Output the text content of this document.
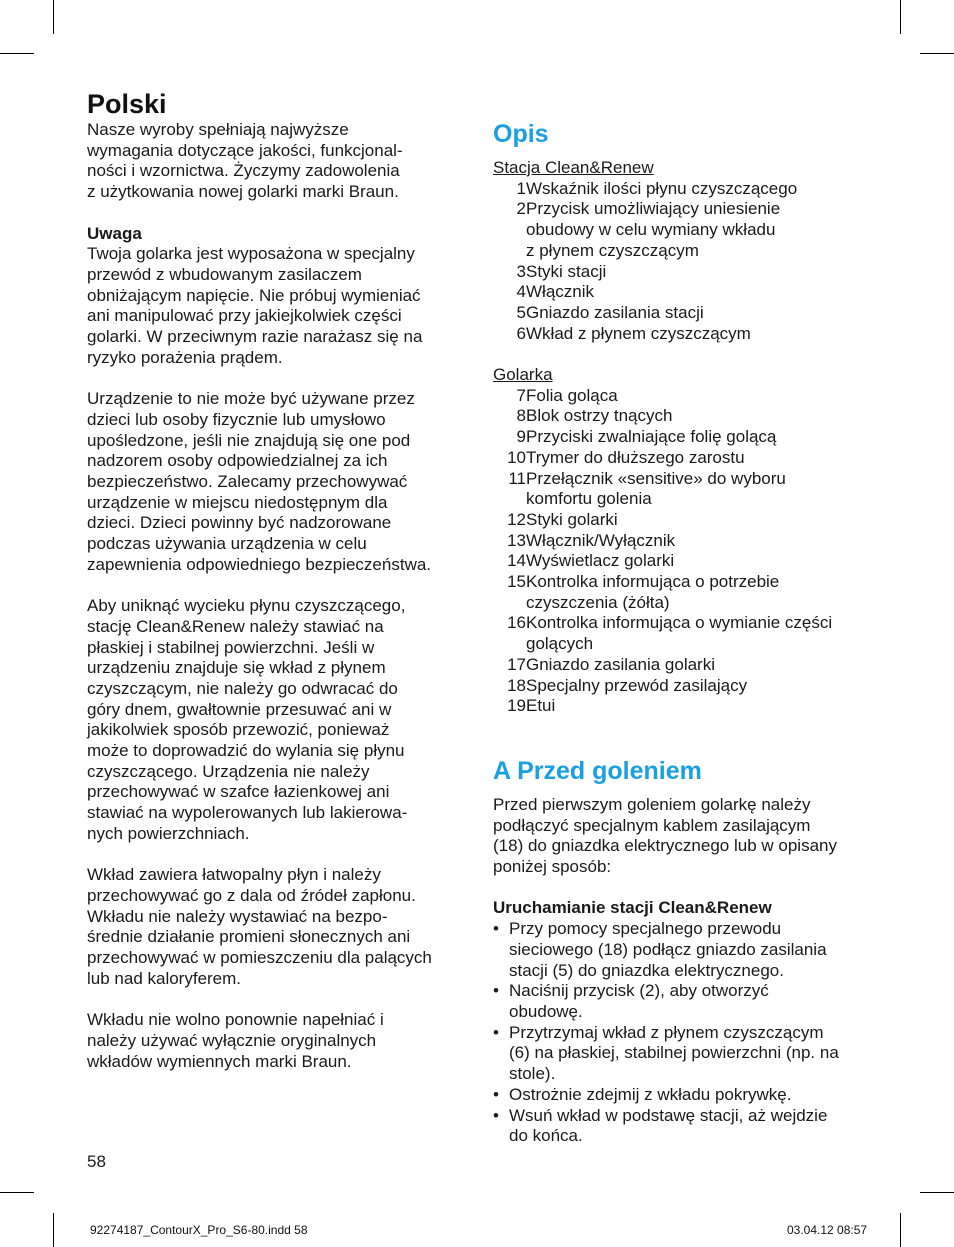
Polski

Nasze wyroby spełniają najwyższe

wymagania dotyczące jakości, funkcjonal-

ności i wzornictwa. Życzymy zadowolenia

z użytkowania nowej golarki marki Braun.

Uwaga

Twoja golarka jest wyposażona w specjalny

przewód z wbudowanym zasilaczem

obniżającym napięcie. Nie próbuj wymieniać

ani manipulować przy jakiejkolwiek części

golarki. W przeciwnym razie narażasz się na

ryzyko porażenia prądem.

Urządzenie to nie może być używane przez

dzieci lub osoby fizycznie lub umysłowo

upośledzone, jeśli nie znajdują się one pod

nadzorem osoby odpowiedzialnej za ich

bezpieczeństwo. Zalecamy przechowywać

urządzenie w miejscu niedostępnym dla

dzieci. Dzieci powinny być nadzorowane

podczas używania urządzenia w celu

zapewnienia odpowiedniego bezpieczeństwa.

Aby uniknąć wycieku płynu czyszczącego,

stację Clean&Renew należy stawiać na

płaskiej i stabilnej powierzchni. Jeśli w

urządzeniu znajduje się wkład z płynem

czyszczącym, nie należy go odwracać do

góry dnem, gwałtownie przesuwać ani w

jakikolwiek sposób przewozić, ponieważ

może to doprowadzić do wylania się płynu

czyszczącego. Urządzenia nie należy

przechowywać w szafce łazienkowej ani

stawiać na wypolerowanych lub lakierowa-

nych powierzchniach.

Wkład zawiera łatwopalny płyn i należy

przechowywać go z dala od źródeł zapłonu.

Wkładu nie należy wystawiać na bezpo-

średnie działanie promieni słonecznych ani

przechowywać w pomieszczeniu dla palących

lub nad kaloryferem.

Wkładu nie wolno ponownie napełniać i

należy używać wyłącznie oryginalnych

wkładów wymiennych marki Braun.

Opis

Stacja Clean&Renew

1 Wskaźnik ilości płynu czyszczącego
2 Przycisk umożliwiający uniesienie
obudowy w celu wymiany wkładu
z płynem czyszczącym
3 Styki stacji
4 Włącznik
5 Gniazdo zasilania stacji
6 Wkład z płynem czyszczącym

Golarka

7 Folia goląca
8 Blok ostrzy tnących
9 Przyciski zwalniające folię golącą
10 Trymer do dłuższego zarostu
11 Przełącznik «sensitive» do wyboru
komfortu golenia
12 Styki golarki
13 Włącznik/Wyłącznik
14 Wyświetlacz golarki
15 Kontrolka informująca o potrzebie
czyszczenia (żółta)
16 Kontrolka informująca o wymianie części
golących
17 Gniazdo zasilania golarki
18 Specjalny przewód zasilający
19 Etui
A Przed goleniem

Przed pierwszym goleniem golarkę należy

podłączyć specjalnym kablem zasilającym

(18) do gniazdka elektrycznego lub w opisany

poniżej sposób:

Uruchamianie stacji Clean&Renew

• Przy pomocy specjalnego przewodu
sieciowego (18) podłącz gniazdo zasilania
stacji (5) do gniazdka elektrycznego.
• Naciśnij przycisk (2), aby otworzyć
obudowę.
• Przytrzymaj wkład z płynem czyszczącym
(6) na płaskiej, stabilnej powierzchni (np. na
stole).
• Ostrożnie zdejmij z wkładu pokrywkę.
• Wsuń wkład w podstawę stacji, aż wejdzie
do końca.
58
92274187_ContourX_Pro_S6-80.indd 58	03.04.12 08:57
